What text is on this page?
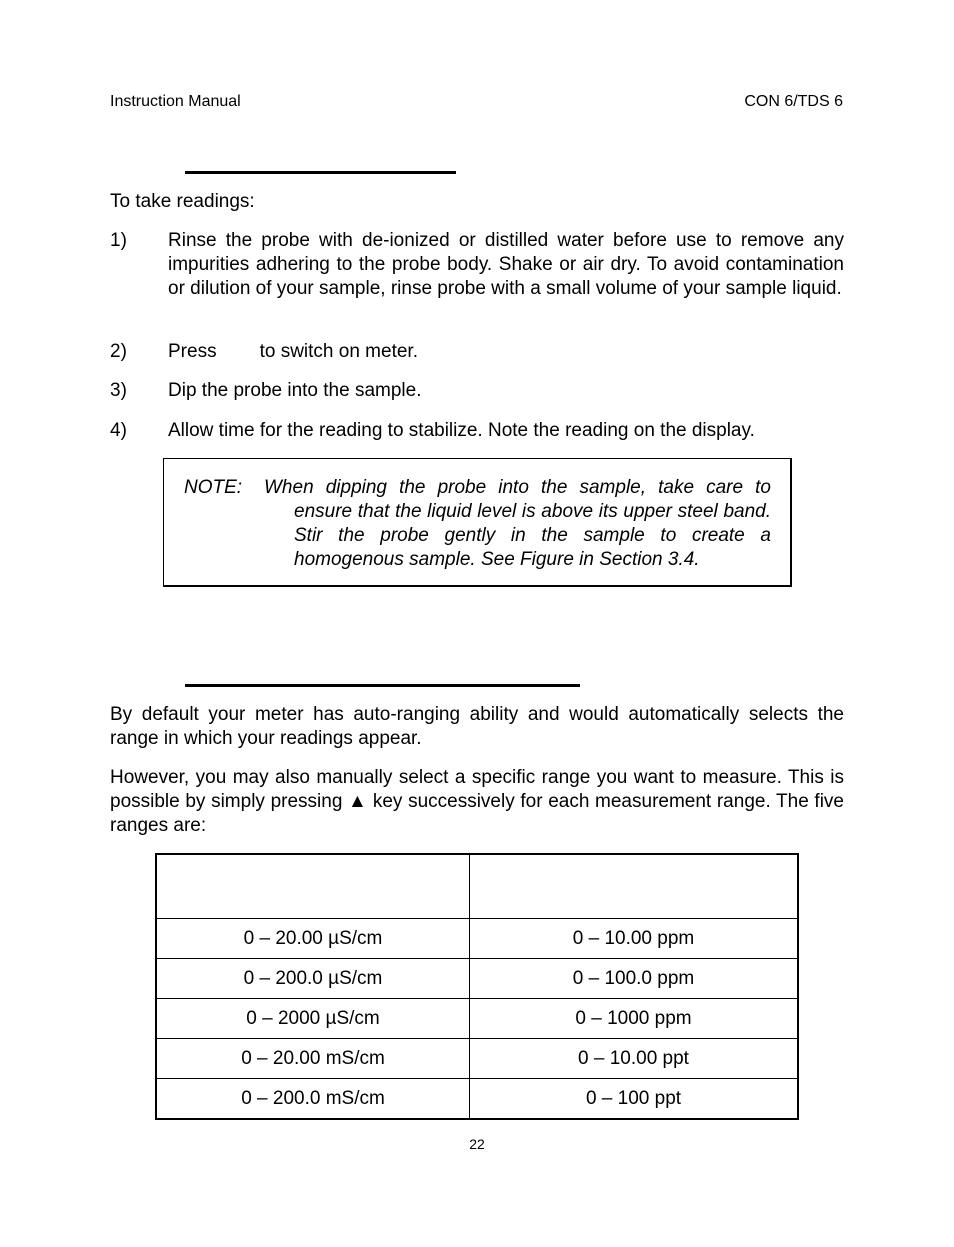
Instruction Manual	CON 6/TDS 6
To take readings:
1) Rinse the probe with de-ionized or distilled water before use to remove any impurities adhering to the probe body. Shake or air dry. To avoid contamination or dilution of your sample, rinse probe with a small volume of your sample liquid.
2) Press to switch on meter.
3) Dip the probe into the sample.
4) Allow time for the reading to stabilize. Note the reading on the display.
NOTE: When dipping the probe into the sample, take care to ensure that the liquid level is above its upper steel band. Stir the probe gently in the sample to create a homogenous sample. See Figure in Section 3.4.
By default your meter has auto-ranging ability and would automatically selects the range in which your readings appear.
However, you may also manually select a specific range you want to measure. This is possible by simply pressing ▲ key successively for each measurement range. The five ranges are:

0 – 20.00 µS/cm	0 – 10.00 ppm
0 – 200.0 µS/cm	0 – 100.0 ppm
0 – 2000 µS/cm	0 – 1000 ppm
0 – 20.00 mS/cm	0 – 10.00 ppt
0 – 200.0 mS/cm	0 – 100 ppt
22
